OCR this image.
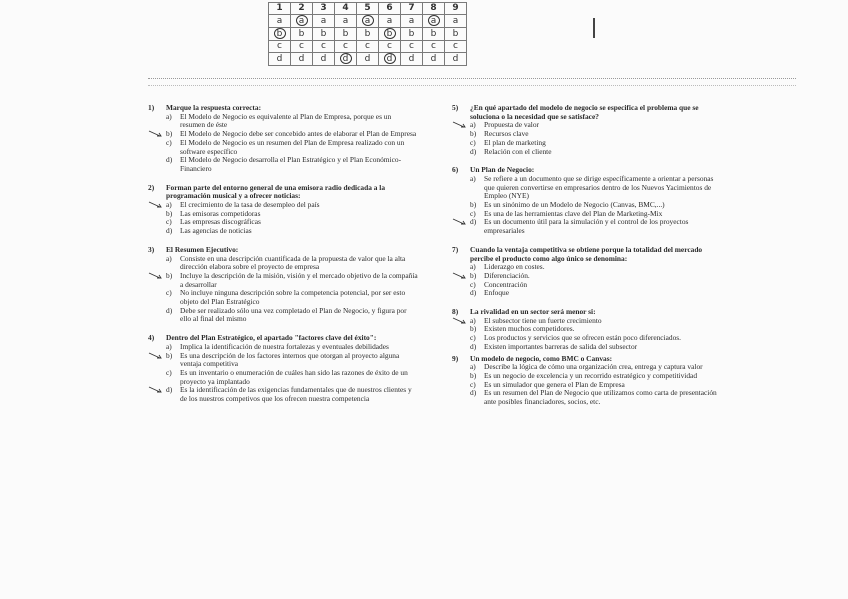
1	2	3	4	5	6	7	8	9
a	a	a	a	a	a	a	a	a
b	b	b	b	b	b	b	b	b
c	c	c	c	c	c	c	c	c
d	d	d	d	d	d	d	d	d
1)	Marque la respuesta correcta:
a)	El Modelo de Negocio es equivalente al Plan de Empresa, porque es un resumen de éste
b)	El Modelo de Negocio debe ser concebido antes de elaborar el Plan de Empresa
c)	El Modelo de Negocio es un resumen del Plan de Empresa realizado con un software específico
d)	El Modelo de Negocio desarrolla el Plan Estratégico y el Plan Económico-Financiero
2)	Forman parte del entorno general de una emisora radio dedicada a la programación musical y a ofrecer noticias:
a)	El crecimiento de la tasa de desempleo del país
b)	Las emisoras competidoras
c)	Las empresas discográficas
d)	Las agencias de noticias
3)	El Resumen Ejecutivo:
a)	Consiste en una descripción cuantificada de la propuesta de valor que la alta dirección elabora sobre el proyecto de empresa
b)	Incluye la descripción de la misión, visión y el mercado objetivo de la compañía a desarrollar
c)	No incluye ninguna descripción sobre la competencia potencial, por ser esto objeto del Plan Estratégico
d)	Debe ser realizado sólo una vez completado el Plan de Negocio, y figura por ello al final del mismo
4)	Dentro del Plan Estratégico, el apartado "factores clave del éxito":
a)	Implica la identificación de nuestra fortalezas y eventuales debilidades
b)	Es una descripción de los factores internos que otorgan al proyecto alguna ventaja competitiva
c)	Es un inventario o enumeración de cuáles han sido las razones de éxito de un proyecto ya implantado
d)	Es la identificación de las exigencias fundamentales que de nuestros clientes y de los nuestros competivos que los ofrecen nuestra competencia
5)	¿En qué apartado del modelo de negocio se especifica el problema que se soluciona o la necesidad que se satisface?
a)	Propuesta de valor
b)	Recursos clave
c)	El plan de marketing
d)	Relación con el cliente
6)	Un Plan de Negocio:
a)	Se refiere a un documento que se dirige específicamente a orientar a personas que quieren convertirse en empresarios dentro de los Nuevos Yacimientos de Empleo (NYE)
b)	Es un sinónimo de un Modelo de Negocio (Canvas, BMC,...)
c)	Es una de las herramientas clave del Plan de Marketing-Mix
d)	Es un documento útil para la simulación y el control de los proyectos empresariales
7)	Cuando la ventaja competitiva se obtiene porque la totalidad del mercado percibe el producto como algo único se denomina:
a)	Liderazgo en costes.
b)	Diferenciación.
c)	Concentración
d)	Enfoque
8)	La rivalidad en un sector será menor si:
a)	El subsector tiene un fuerte crecimiento
b)	Existen muchos competidores.
c)	Los productos y servicios que se ofrecen están poco diferenciados.
d)	Existen importantes barreras de salida del subsector
9)	Un modelo de negocio, como BMC o Canvas:
a)	Describe la lógica de cómo una organización crea, entrega y captura valor
b)	Es un negocio de excelencia y un recorrido estratégico y competitividad
c)	Es un simulador que genera el Plan de Empresa
d)	Es un resumen del Plan de Negocio que utilizamos como carta de presentación ante posibles financiadores, socios, etc.
